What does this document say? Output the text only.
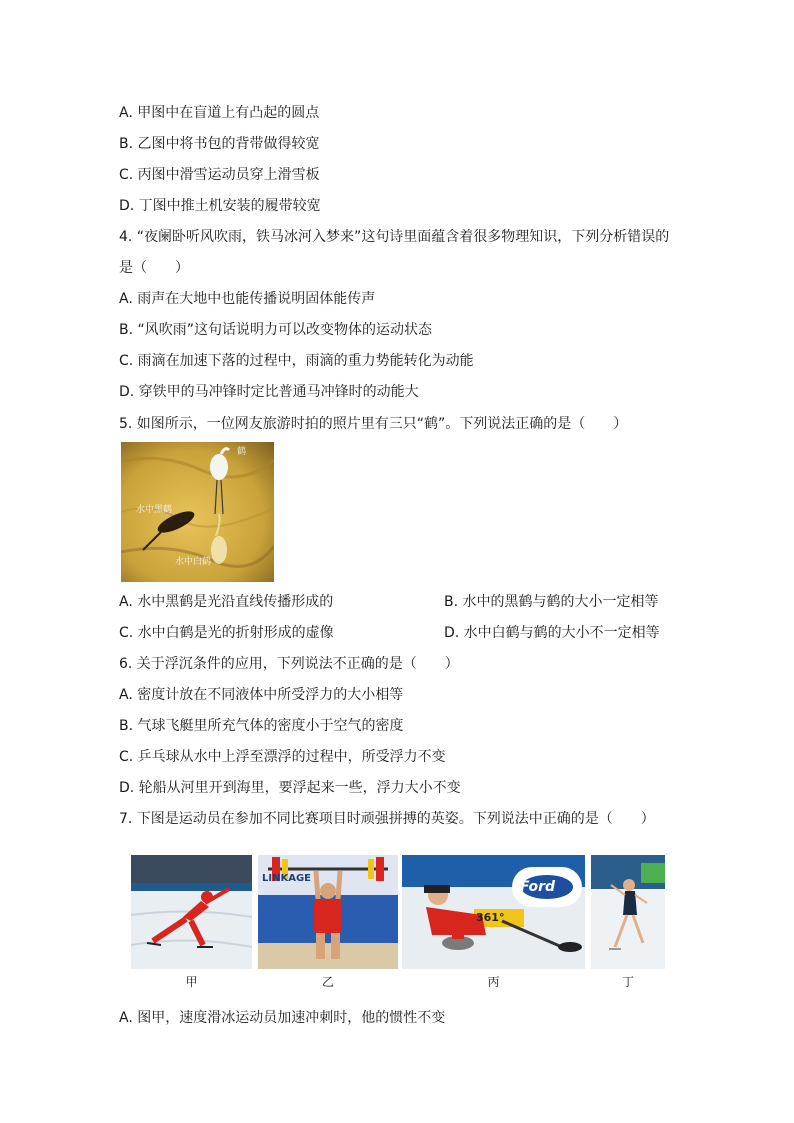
A. 甲图中在盲道上有凸起的圆点
B. 乙图中将书包的背带做得较宽
C. 丙图中滑雪运动员穿上滑雪板
D. 丁图中推土机安装的履带较宽
4. “夜阑卧听风吹雨，铁马冰河入梦来”这句诗里面蕴含着很多物理知识，下列分析错误的
是（　　）
A. 雨声在大地中也能传播说明固体能传声
B. “风吹雨”这句话说明力可以改变物体的运动状态
C. 雨滴在加速下落的过程中，雨滴的重力势能转化为动能
D. 穿铁甲的马冲锋时定比普通马冲锋时的动能大
5. 如图所示，一位网友旅游时拍的照片里有三只“鹤”。下列说法正确的是（　　）
鹤
水中黑鹤
水中白鹤
A. 水中黑鹤是光沿直线传播形成的	B. 水中的黑鹤与鹤的大小一定相等
C. 水中白鹤是光的折射形成的虚像	D. 水中白鹤与鹤的大小不一定相等
6. 关于浮沉条件的应用，下列说法不正确的是（　　）
A. 密度计放在不同液体中所受浮力的大小相等
B. 气球飞艇里所充气体的密度小于空气的密度
C. 乒乓球从水中上浮至漂浮的过程中，所受浮力不变
D. 轮船从河里开到海里，要浮起来一些，浮力大小不变
7. 下图是运动员在参加不同比赛项目时顽强拼搏的英姿。下列说法中正确的是（　　）
LINKAGE
Ford
361°
甲	乙	丙	丁
A. 图甲，速度滑冰运动员加速冲刺时，他的惯性不变
